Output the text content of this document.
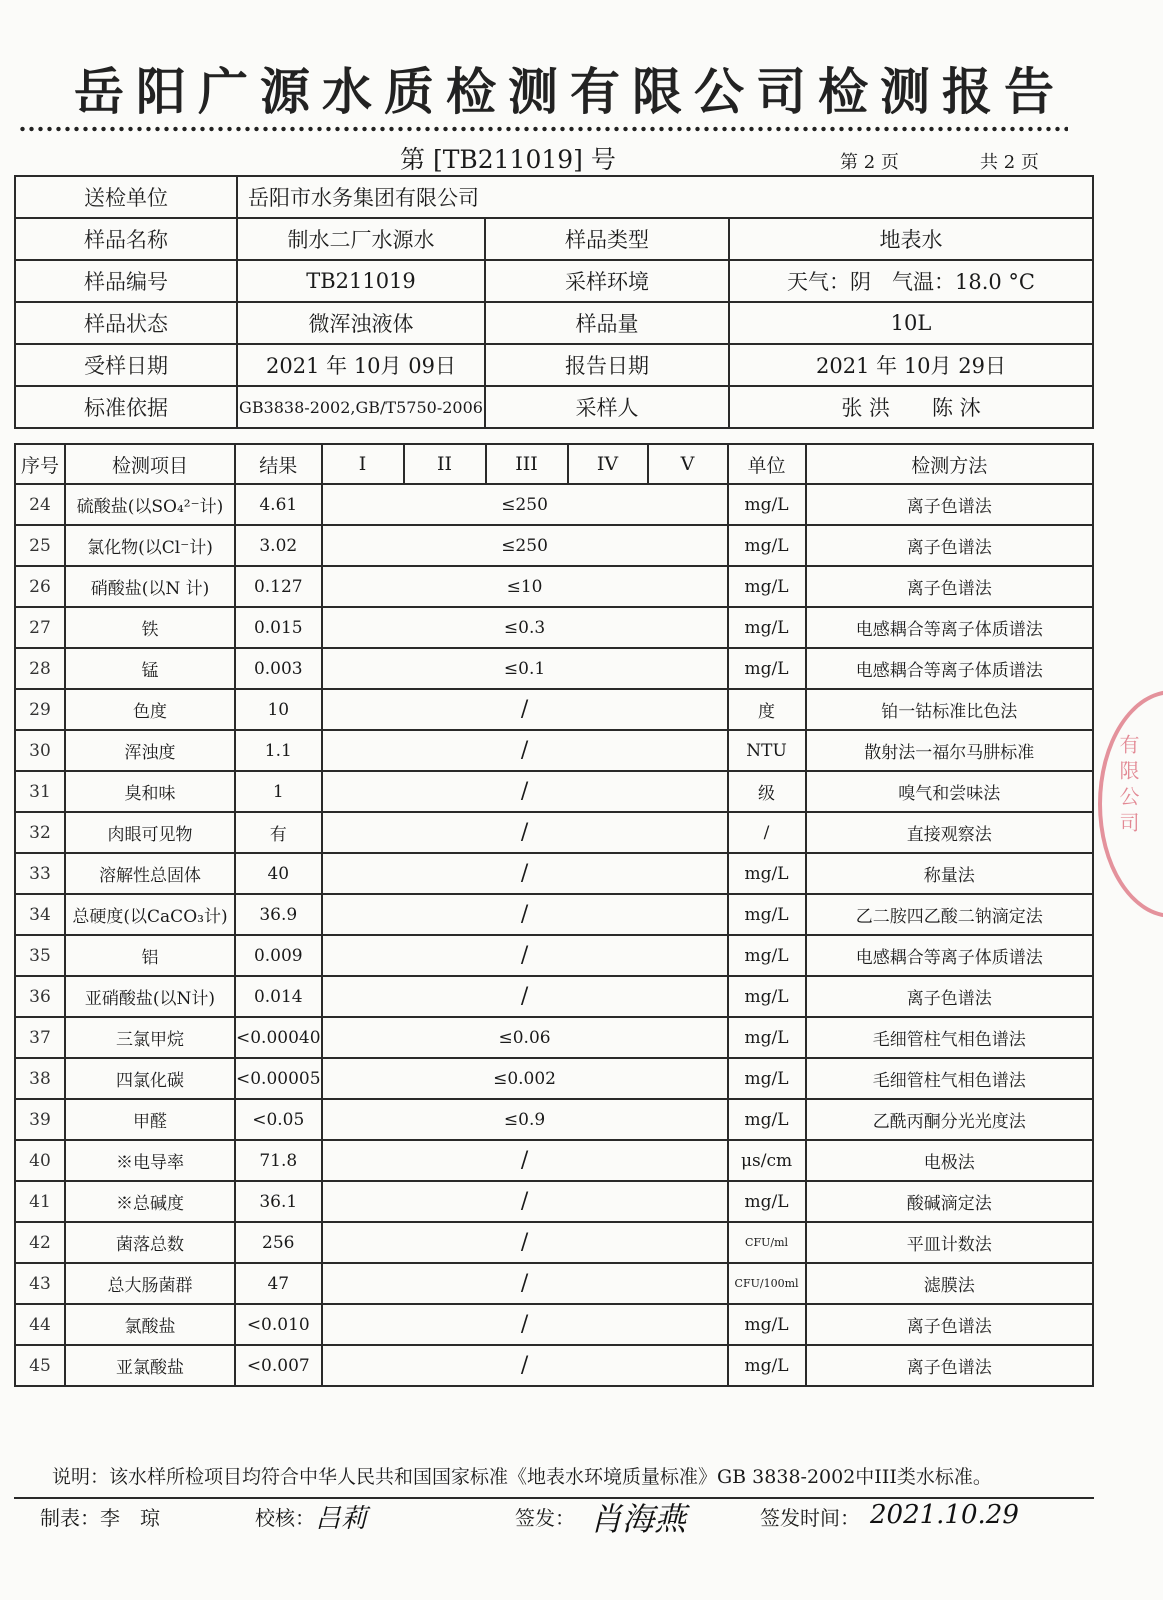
岳阳广源水质检测有限公司检测报告
第 [TB211019] 号	第 2 页	共 2 页
送检单位	岳阳市水务集团有限公司		
样品名称	制水二厂水源水	样品类型	地表水
样品编号	TB211019	采样环境	天气：阴　气温：18.0 °C
样品状态	微浑浊液体	样品量	10L
受样日期	2021 年 10月 09日	报告日期	2021 年 10月 29日
标准依据	GB3838-2002,GB/T5750-2006	采样人	张 洪　　陈 沐
序号	检测项目	结果	I	II	III	IV	V	单位	检测方法
24	硫酸盐(以SO₄²⁻计)	4.61	≤250					mg/L	离子色谱法
25	氯化物(以Cl⁻计)	3.02	≤250					mg/L	离子色谱法
26	硝酸盐(以N 计)	0.127	≤10					mg/L	离子色谱法
27	铁	0.015	≤0.3					mg/L	电感耦合等离子体质谱法
28	锰	0.003	≤0.1					mg/L	电感耦合等离子体质谱法
29	色度	10	/					度	铂一钴标准比色法
30	浑浊度	1.1	/					NTU	散射法一福尔马肼标准
31	臭和味	1	/					级	嗅气和尝味法
32	肉眼可见物	有	/					/	直接观察法
33	溶解性总固体	40	/					mg/L	称量法
34	总硬度(以CaCO₃计)	36.9	/					mg/L	乙二胺四乙酸二钠滴定法
35	铝	0.009	/					mg/L	电感耦合等离子体质谱法
36	亚硝酸盐(以N计)	0.014	/					mg/L	离子色谱法
37	三氯甲烷	<0.00040	≤0.06					mg/L	毛细管柱气相色谱法
38	四氯化碳	<0.00005	≤0.002					mg/L	毛细管柱气相色谱法
39	甲醛	<0.05	≤0.9					mg/L	乙酰丙酮分光光度法
40	※电导率	71.8	/					μs/cm	电极法
41	※总碱度	36.1	/					mg/L	酸碱滴定法
42	菌落总数	256	/					CFU/ml	平皿计数法
43	总大肠菌群	47	/					CFU/100ml	滤膜法
44	氯酸盐	<0.010	/					mg/L	离子色谱法
45	亚氯酸盐	<0.007	/					mg/L	离子色谱法
说明：该水样所检项目均符合中华人民共和国国家标准《地表水环境质量标准》GB 3838-2002中III类水标准。
制表： 李　琼	校核： 吕莉	签发： 肖海燕	签发时间： 2021.10.29
有限公司
